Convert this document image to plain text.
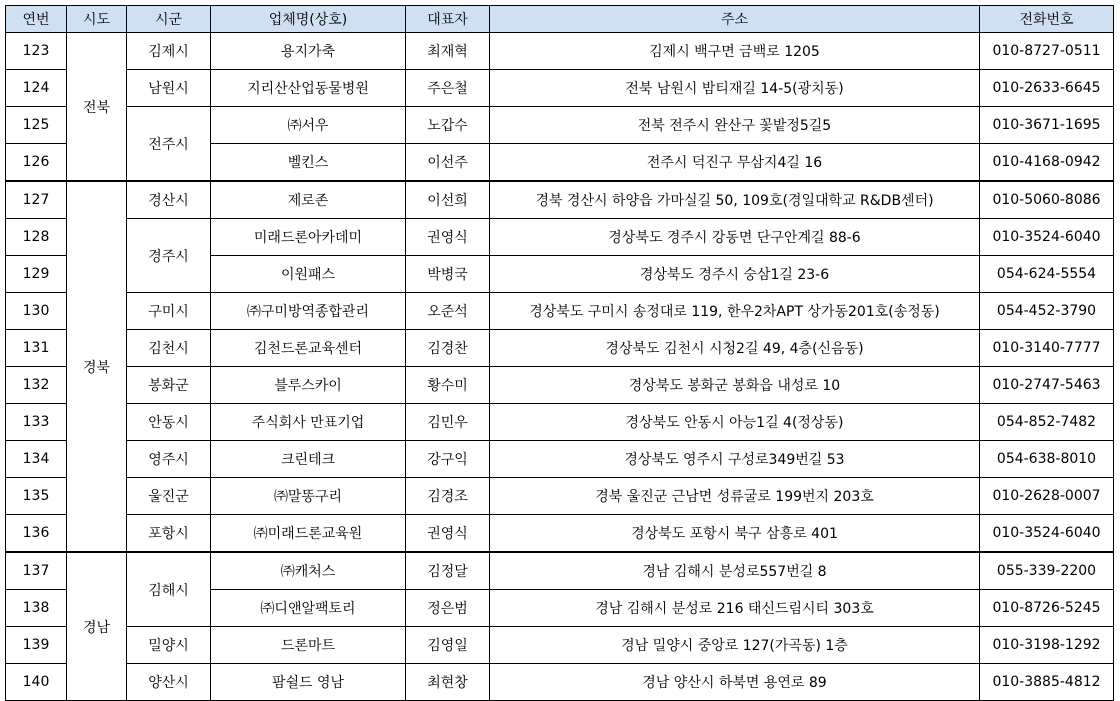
연번	시도	시군	업체명(상호)	대표자	주소	전화번호
123	전북	김제시	용지가축	최재혁	김제시 백구면 금백로 1205	010-8727-0511
124		남원시	지리산산업동물병원	주은철	전북 남원시 밤티재길 14-5(광치동)	010-2633-6645
125		전주시	㈜서우	노갑수	전북 전주시 완산구 꽃밭정5길5	010-3671-1695
126			벨킨스	이선주	전주시 덕진구 무삼지4길 16	010-4168-0942
127	경북	경산시	제로존	이선희	경북 경산시 하양읍 가마실길 50, 109호(경일대학교 R&DB센터)	010-5060-8086
128		경주시	미래드론아카데미	권영식	경상북도 경주시 강동면 단구안계길 88-6	010-3524-6040
129			이원패스	박병국	경상북도 경주시 숭삼1길 23-6	054-624-5554
130		구미시	㈜구미방역종합관리	오준석	경상북도 구미시 송정대로 119, 한우2차APT 상가동201호(송정동)	054-452-3790
131		김천시	김천드론교육센터	김경찬	경상북도 김천시 시청2길 49, 4층(신음동)	010-3140-7777
132		봉화군	블루스카이	황수미	경상북도 봉화군 봉화읍 내성로 10	010-2747-5463
133		안동시	주식회사 만표기업	김민우	경상북도 안동시 아능1길 4(정상동)	054-852-7482
134		영주시	크린테크	강구익	경상북도 영주시 구성로349번길 53	054-638-8010
135		울진군	㈜말똥구리	김경조	경북 울진군 근남면 성류굴로 199번지 203호	010-2628-0007
136		포항시	㈜미래드론교육원	권영식	경상북도 포항시 북구 삼흥로 401	010-3524-6040
137	경남	김해시	㈜캐처스	김정달	경남 김해시 분성로557번길 8	055-339-2200
138			㈜디앤알팩토리	정은범	경남 김해시 분성로 216 태신드림시티 303호	010-8726-5245
139		밀양시	드론마트	김영일	경남 밀양시 중앙로 127(가곡동) 1층	010-3198-1292
140		양산시	팜쉴드 영남	최현창	경남 양산시 하북면 용연로 89	010-3885-4812
